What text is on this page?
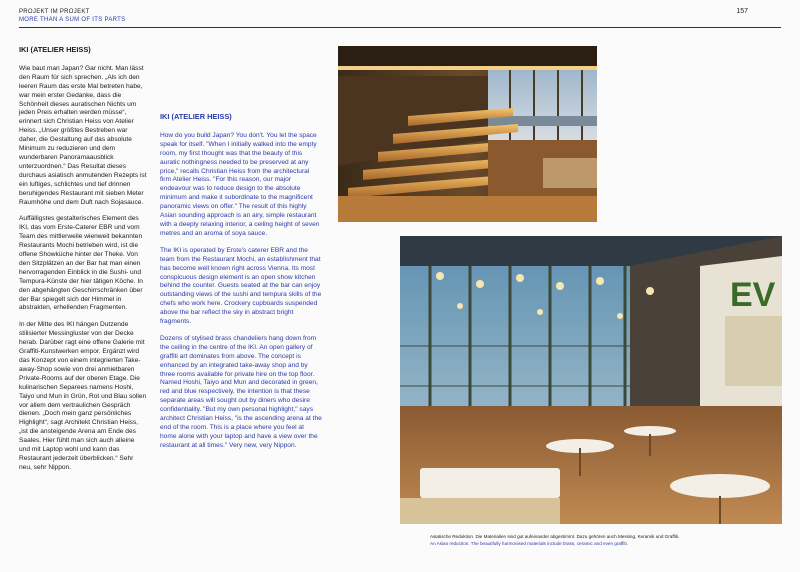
PROJEKT IM PROJEKT
MORE THAN A SUM OF ITS PARTS
157
IKI (ATELIER HEISS)

Wie baut man Japan? Gar nicht. Man lässt den Raum für sich sprechen. „Als ich den leeren Raum das erste Mal betreten habe, war mein erster Gedanke, dass die Schönheit dieses auratischen Nichts um jeden Preis erhalten werden müsse“, erinnert sich Christian Heiss von Atelier Heiss. „Unser größtes Bestreben war daher, die Gestaltung auf das absolute Minimum zu reduzieren und dem wunderbaren Panoramaausblick unterzuordnen.“ Das Resultat dieses durchaus asiatisch anmutenden Rezepts ist ein luftiges, schlichtes und tief drinnen beruhigendes Restaurant mit sieben Meter Raumhöhe und dem Duft nach Sojasauce.

Auffälligstes gestalterisches Element des IKI, das vom Erste-Caterer EBR und vom Team des mittlerweile wienweit bekannten Restaurants Mochi betrieben wird, ist die offene Showküche hinter der Theke. Von den Sitzplätzen an der Bar hat man einen hervorragenden Einblick in die Sushi- und Tempura-Künste der hier tätigen Köche. In den abgehängten Geschirrschränken über der Bar spiegelt sich der Himmel in abstrakten, erhellenden Fragmenten.

In der Mitte des IKI hängen Dutzende stilisierter Messingluster von der Decke herab. Darüber ragt eine offene Galerie mit Graffiti-Kunstwerken empor. Ergänzt wird das Konzept von einem integrierten Take-away-Shop sowie von drei anmietbaren Private-Rooms auf der oberen Etage. Die kulinarischen Separees namens Hoshi, Taiyo und Mun in Grün, Rot und Blau sollen vor allem dem vertraulichen Gespräch dienen. „Doch mein ganz persönliches Highlight“, sagt Architekt Christian Heiss, „ist die ansteigende Arena am Ende des Saales. Hier fühlt man sich auch alleine und mit Laptop wohl und kann das Restaurant jederzeit überblicken.“ Sehr neu, sehr Nippon.

IKI (ATELIER HEISS)

How do you build Japan? You don't. You let the space speak for itself. "When I initially walked into the empty room, my first thought was that the beauty of this auratic nothingness needed to be preserved at any price," recalls Christian Heiss from the architectural firm Atelier Heiss. "For this reason, our major endeavour was to reduce design to the absolute minimum and make it subordinate to the magnificent panoramic views on offer." The result of this highly Asian sounding approach is an airy, simple restaurant with a deeply relaxing interior, a ceiling height of seven metres and an aroma of soya sauce.

The IKI is operated by Erste's caterer EBR and the team from the Restaurant Mochi, an establishment that has become well known right across Vienna. Its most conspicuous design element is an open show kitchen behind the counter. Guests seated at the bar can enjoy outstanding views of the sushi and tempura skills of the chefs who work here. Crockery cupboards suspended above the bar reflect the sky in abstract bright fragments.

Dozens of stylised brass chandeliers hang down from the ceiling in the centre of the IKI. An open gallery of graffiti art dominates from above. The concept is enhanced by an integrated take-away shop and by three rooms available for private hire on the top floor. Named Hoshi, Taiyo and Mun and decorated in green, red and blue respectively, the intention is that these separate areas will sought out by diners who desire confidentiality. "But my own personal highlight," says architect Christian Heiss, "is the ascending arena at the end of the room. This is a place where you feel at home alone with your laptop and have a view over the restaurant at all times." Very new, very Nippon.

EV
Asiatische Reduktion. Die Materialien sind gut aufeinander abgestimmt. Dazu gehören auch Messing, Keramik und Graffiti.
An Asian reduction. The beautifully harmonised materials include brass, ceramic and even graffiti.
